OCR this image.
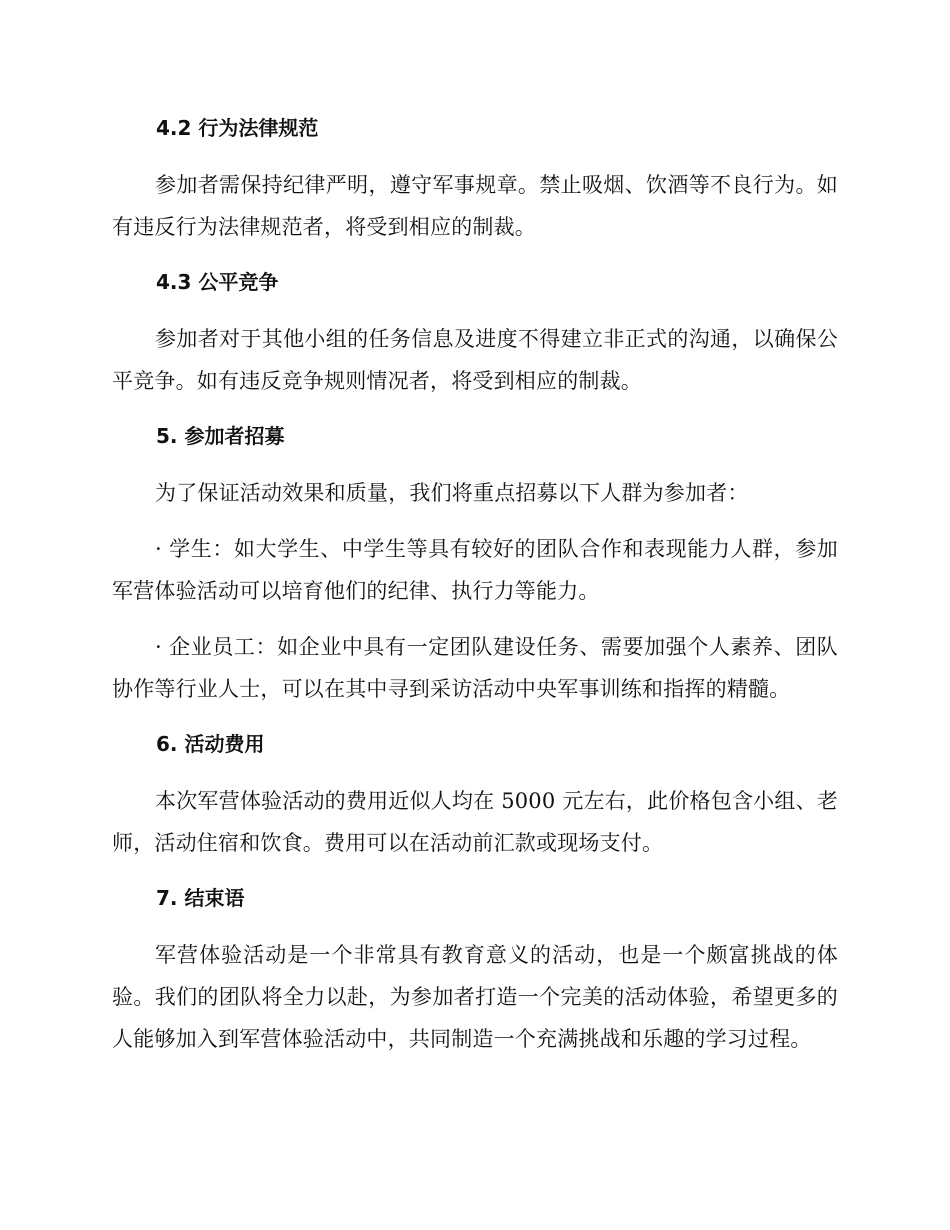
4.2 行为法律规范

参加者需保持纪律严明，遵守军事规章。禁止吸烟、饮酒等不良行为。如有违反行为法律规范者，将受到相应的制裁。

4.3 公平竞争

参加者对于其他小组的任务信息及进度不得建立非正式的沟通，以确保公平竞争。如有违反竞争规则情况者，将受到相应的制裁。

5. 参加者招募

为了保证活动效果和质量，我们将重点招募以下人群为参加者：

· 学生：如大学生、中学生等具有较好的团队合作和表现能力人群，参加军营体验活动可以培育他们的纪律、执行力等能力。

· 企业员工：如企业中具有一定团队建设任务、需要加强个人素养、团队协作等行业人士，可以在其中寻到采访活动中央军事训练和指挥的精髓。

6. 活动费用

本次军营体验活动的费用近似人均在 5000 元左右，此价格包含小组、老师，活动住宿和饮食。费用可以在活动前汇款或现场支付。

7. 结束语

军营体验活动是一个非常具有教育意义的活动，也是一个颇富挑战的体验。我们的团队将全力以赴，为参加者打造一个完美的活动体验，希望更多的人能够加入到军营体验活动中，共同制造一个充满挑战和乐趣的学习过程。
